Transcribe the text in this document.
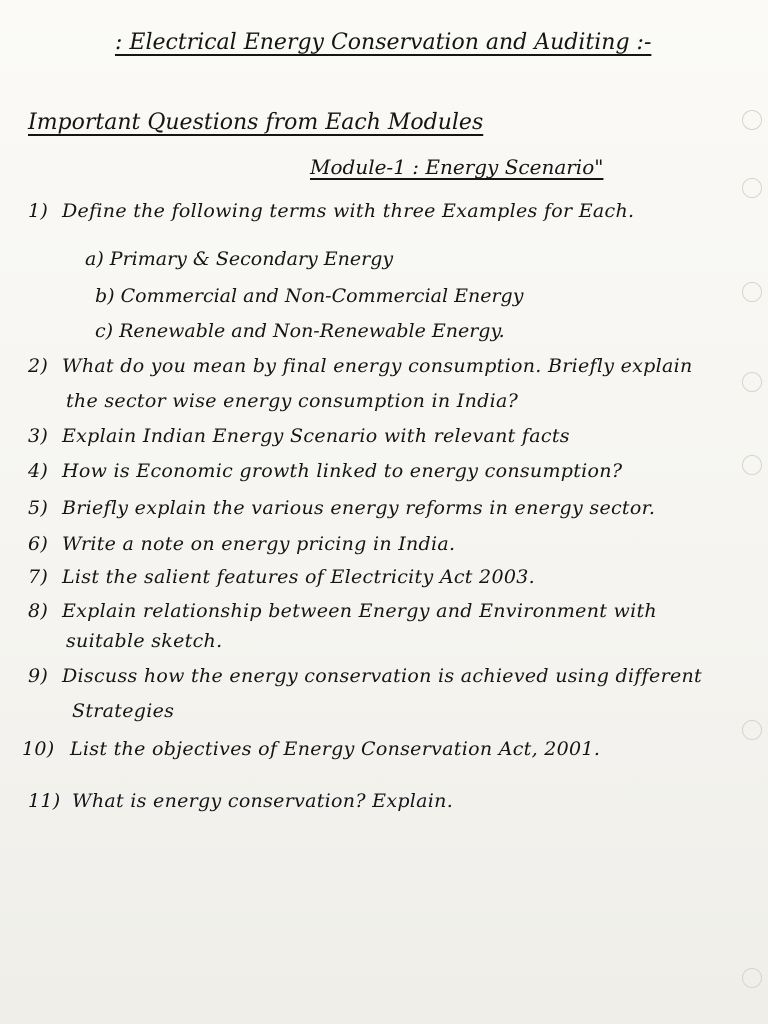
: Electrical Energy Conservation and Auditing :-
Important Questions from Each Modules
Module-1 : Energy Scenario"
1) Define the following terms with three Examples for Each.
a) Primary & Secondary Energy
b) Commercial and Non-Commercial Energy
c) Renewable and Non-Renewable Energy.
2) What do you mean by final energy consumption. Briefly explain
the sector wise energy consumption in India?
3) Explain Indian Energy Scenario with relevant facts
4) How is Economic growth linked to energy consumption?
5) Briefly explain the various energy reforms in energy sector.
6) Write a note on energy pricing in India.
7) List the salient features of Electricity Act 2003.
8) Explain relationship between Energy and Environment with
suitable sketch.
9) Discuss how the energy conservation is achieved using different
Strategies
10) List the objectives of Energy Conservation Act, 2001.
11) What is energy conservation? Explain.
